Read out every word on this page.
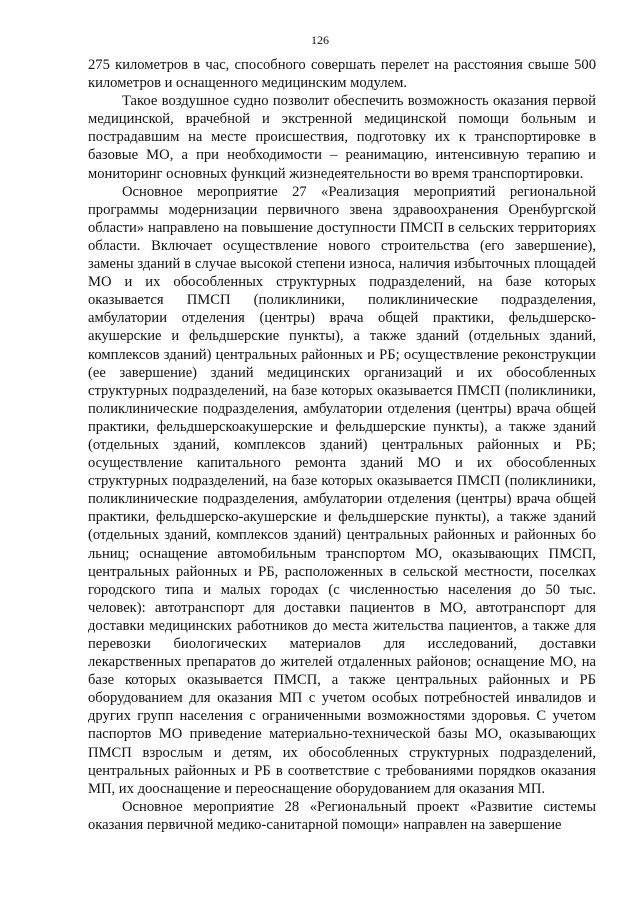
126

275 километров в час, способного совершать перелет на расстояния свыше 500 километров и оснащенного медицинским модулем.

Такое воздушное судно позволит обеспечить возможность оказания первой медицинской, врачебной и экстренной медицинской помощи больным и пострадавшим на месте происшествия, подготовку их к транспортировке в базовые МО, а при необходимости – реанимацию, интенсивную терапию и мониторинг основных функций жизнедеятельности во время транспортировки.

Основное мероприятие 27 «Реализация мероприятий региональной программы модернизации первичного звена здравоохранения Оренбургской области» направлено на повышение доступности ПМСП в сельских территориях области. Включает осуществление нового строительства (его завершение), замены зданий в случае высокой степени износа, наличия избыточных площадей МО и их обособленных структурных подразделений, на базе которых оказывается ПМСП (поликлиники, поликлинические подразделения, амбулатории отделения (центры) врача общей практики, фельдшерско-акушерские и фельдшерские пункты), а также зданий (отдельных зданий, комплексов зданий) центральных районных и РБ; осуществление реконструкции (ее завершение) зданий медицинских организаций и их обособленных структурных подразделений, на базе которых оказывается ПМСП (поликлиники, поликлинические подразделения, амбулатории отделения (центры) врача общей практики, фельдшерскоакушерские и фельдшерские пункты), а также зданий (отдельных зданий, комплексов зданий) центральных районных и РБ; осуществление капитального ремонта зданий МО и их обособленных структурных подразделений, на базе которых оказывается ПМСП (поликлиники, поликлинические подразделения, амбулатории отделения (центры) врача общей практики, фельдшерско-акушерские и фельдшерские пункты), а также зданий (отдельных зданий, комплексов зданий) центральных районных и районных бо льниц; оснащение автомобильным транспортом МО, оказывающих ПМСП, центральных районных и РБ, расположенных в сельской местности, поселках городского типа и малых городах (с численностью населения до 50 тыс. человек): автотранспорт для доставки пациентов в МО, автотранспорт для доставки медицинских работников до места жительства пациентов, а также для перевозки биологических материалов для исследований, доставки лекарственных препаратов до жителей отдаленных районов; оснащение МО, на базе которых оказывается ПМСП, а также центральных районных и РБ оборудованием для оказания МП с учетом особых потребностей инвалидов и других групп населения с ограниченными возможностями здоровья. С учетом паспортов МО приведение материально-технической базы МО, оказывающих ПМСП взрослым и детям, их обособленных структурных подразделений, центральных районных и РБ в соответствие с требованиями порядков оказания МП, их дооснащение и переоснащение оборудованием для оказания МП.

Основное мероприятие 28 «Региональный проект «Развитие системы оказания первичной медико-санитарной помощи» направлен на завершение
